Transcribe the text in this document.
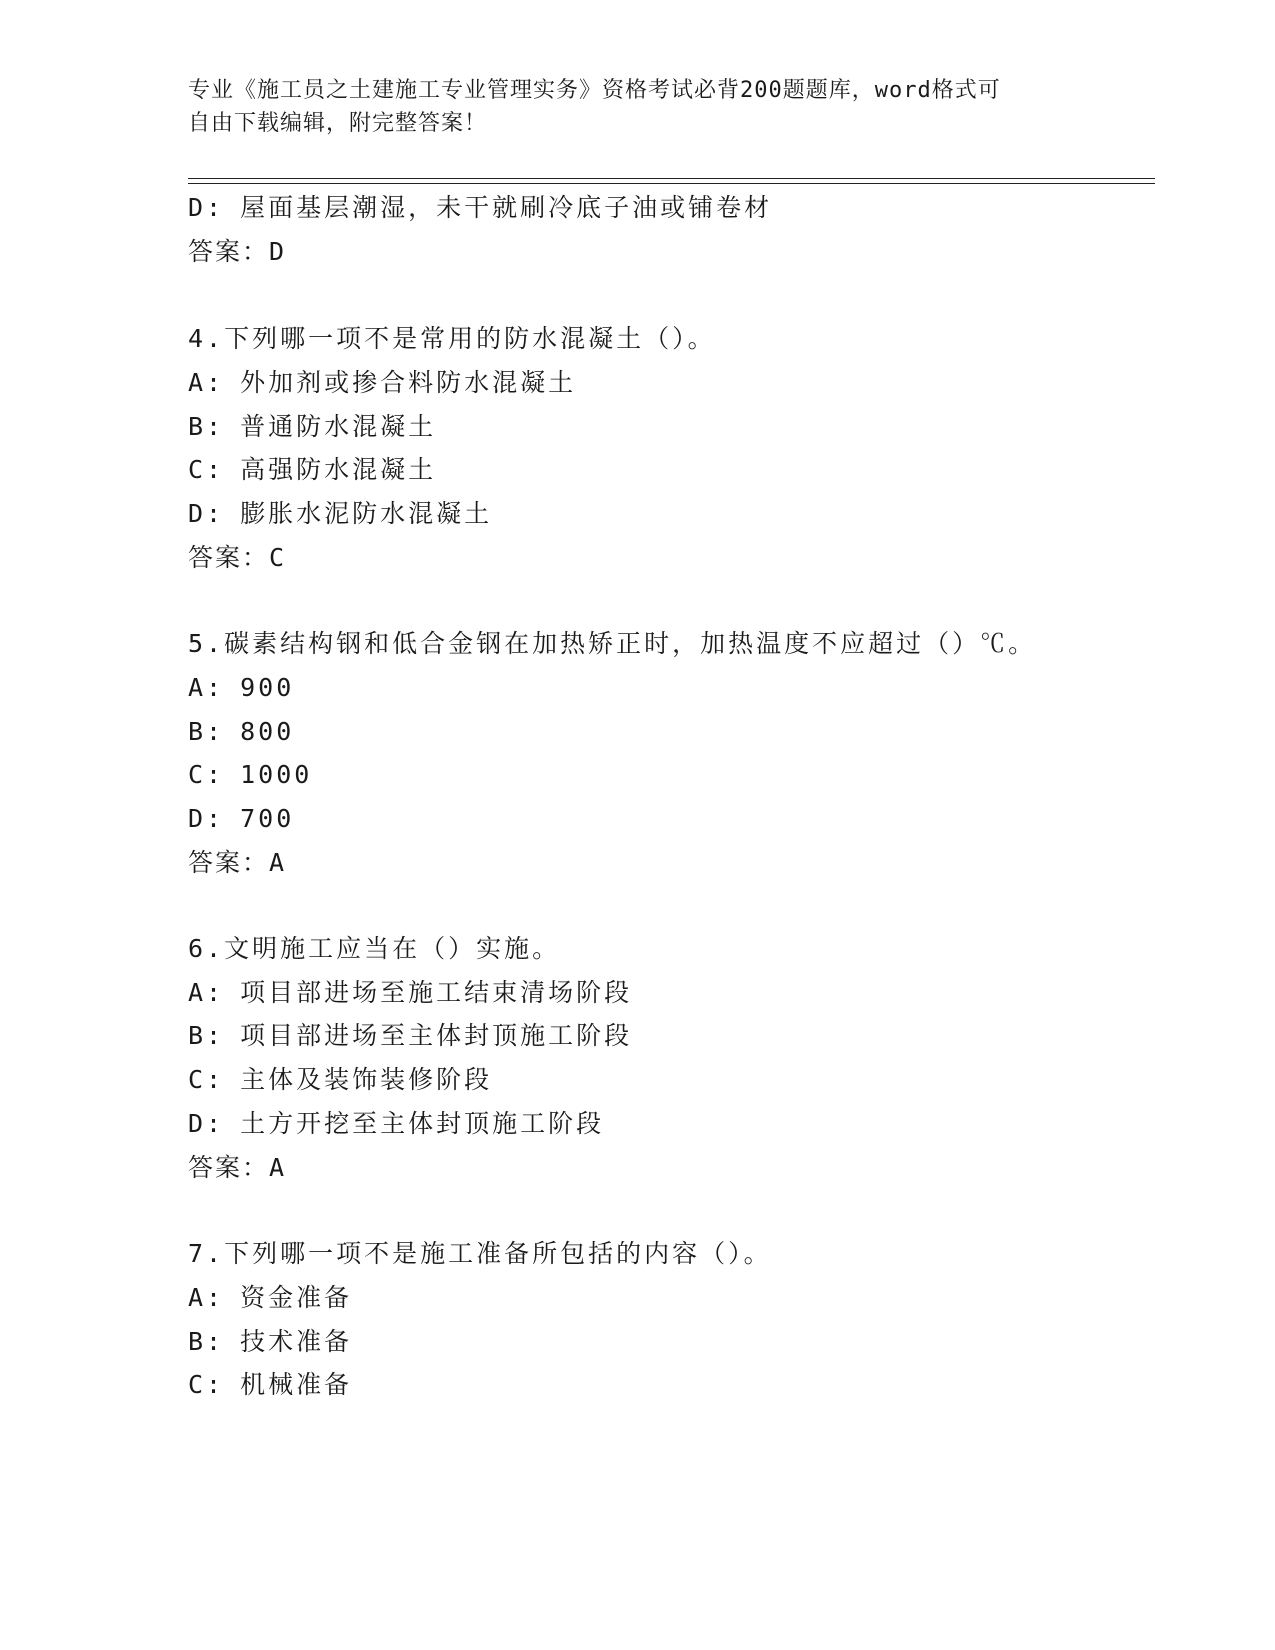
专业《施工员之土建施工专业管理实务》资格考试必背200题题库，word格式可
自由下载编辑，附完整答案！
D: 屋面基层潮湿，未干就刷冷底子油或铺卷材
答案：D
4.下列哪一项不是常用的防水混凝土（）。
A: 外加剂或掺合料防水混凝土
B: 普通防水混凝土
C: 高强防水混凝土
D: 膨胀水泥防水混凝土
答案：C
5.碳素结构钢和低合金钢在加热矫正时，加热温度不应超过（）℃。
A: 900
B: 800
C: 1000
D: 700
答案：A
6.文明施工应当在（）实施。
A: 项目部进场至施工结束清场阶段
B: 项目部进场至主体封顶施工阶段
C: 主体及装饰装修阶段
D: 土方开挖至主体封顶施工阶段
答案：A
7.下列哪一项不是施工准备所包括的内容（）。
A: 资金准备
B: 技术准备
C: 机械准备
